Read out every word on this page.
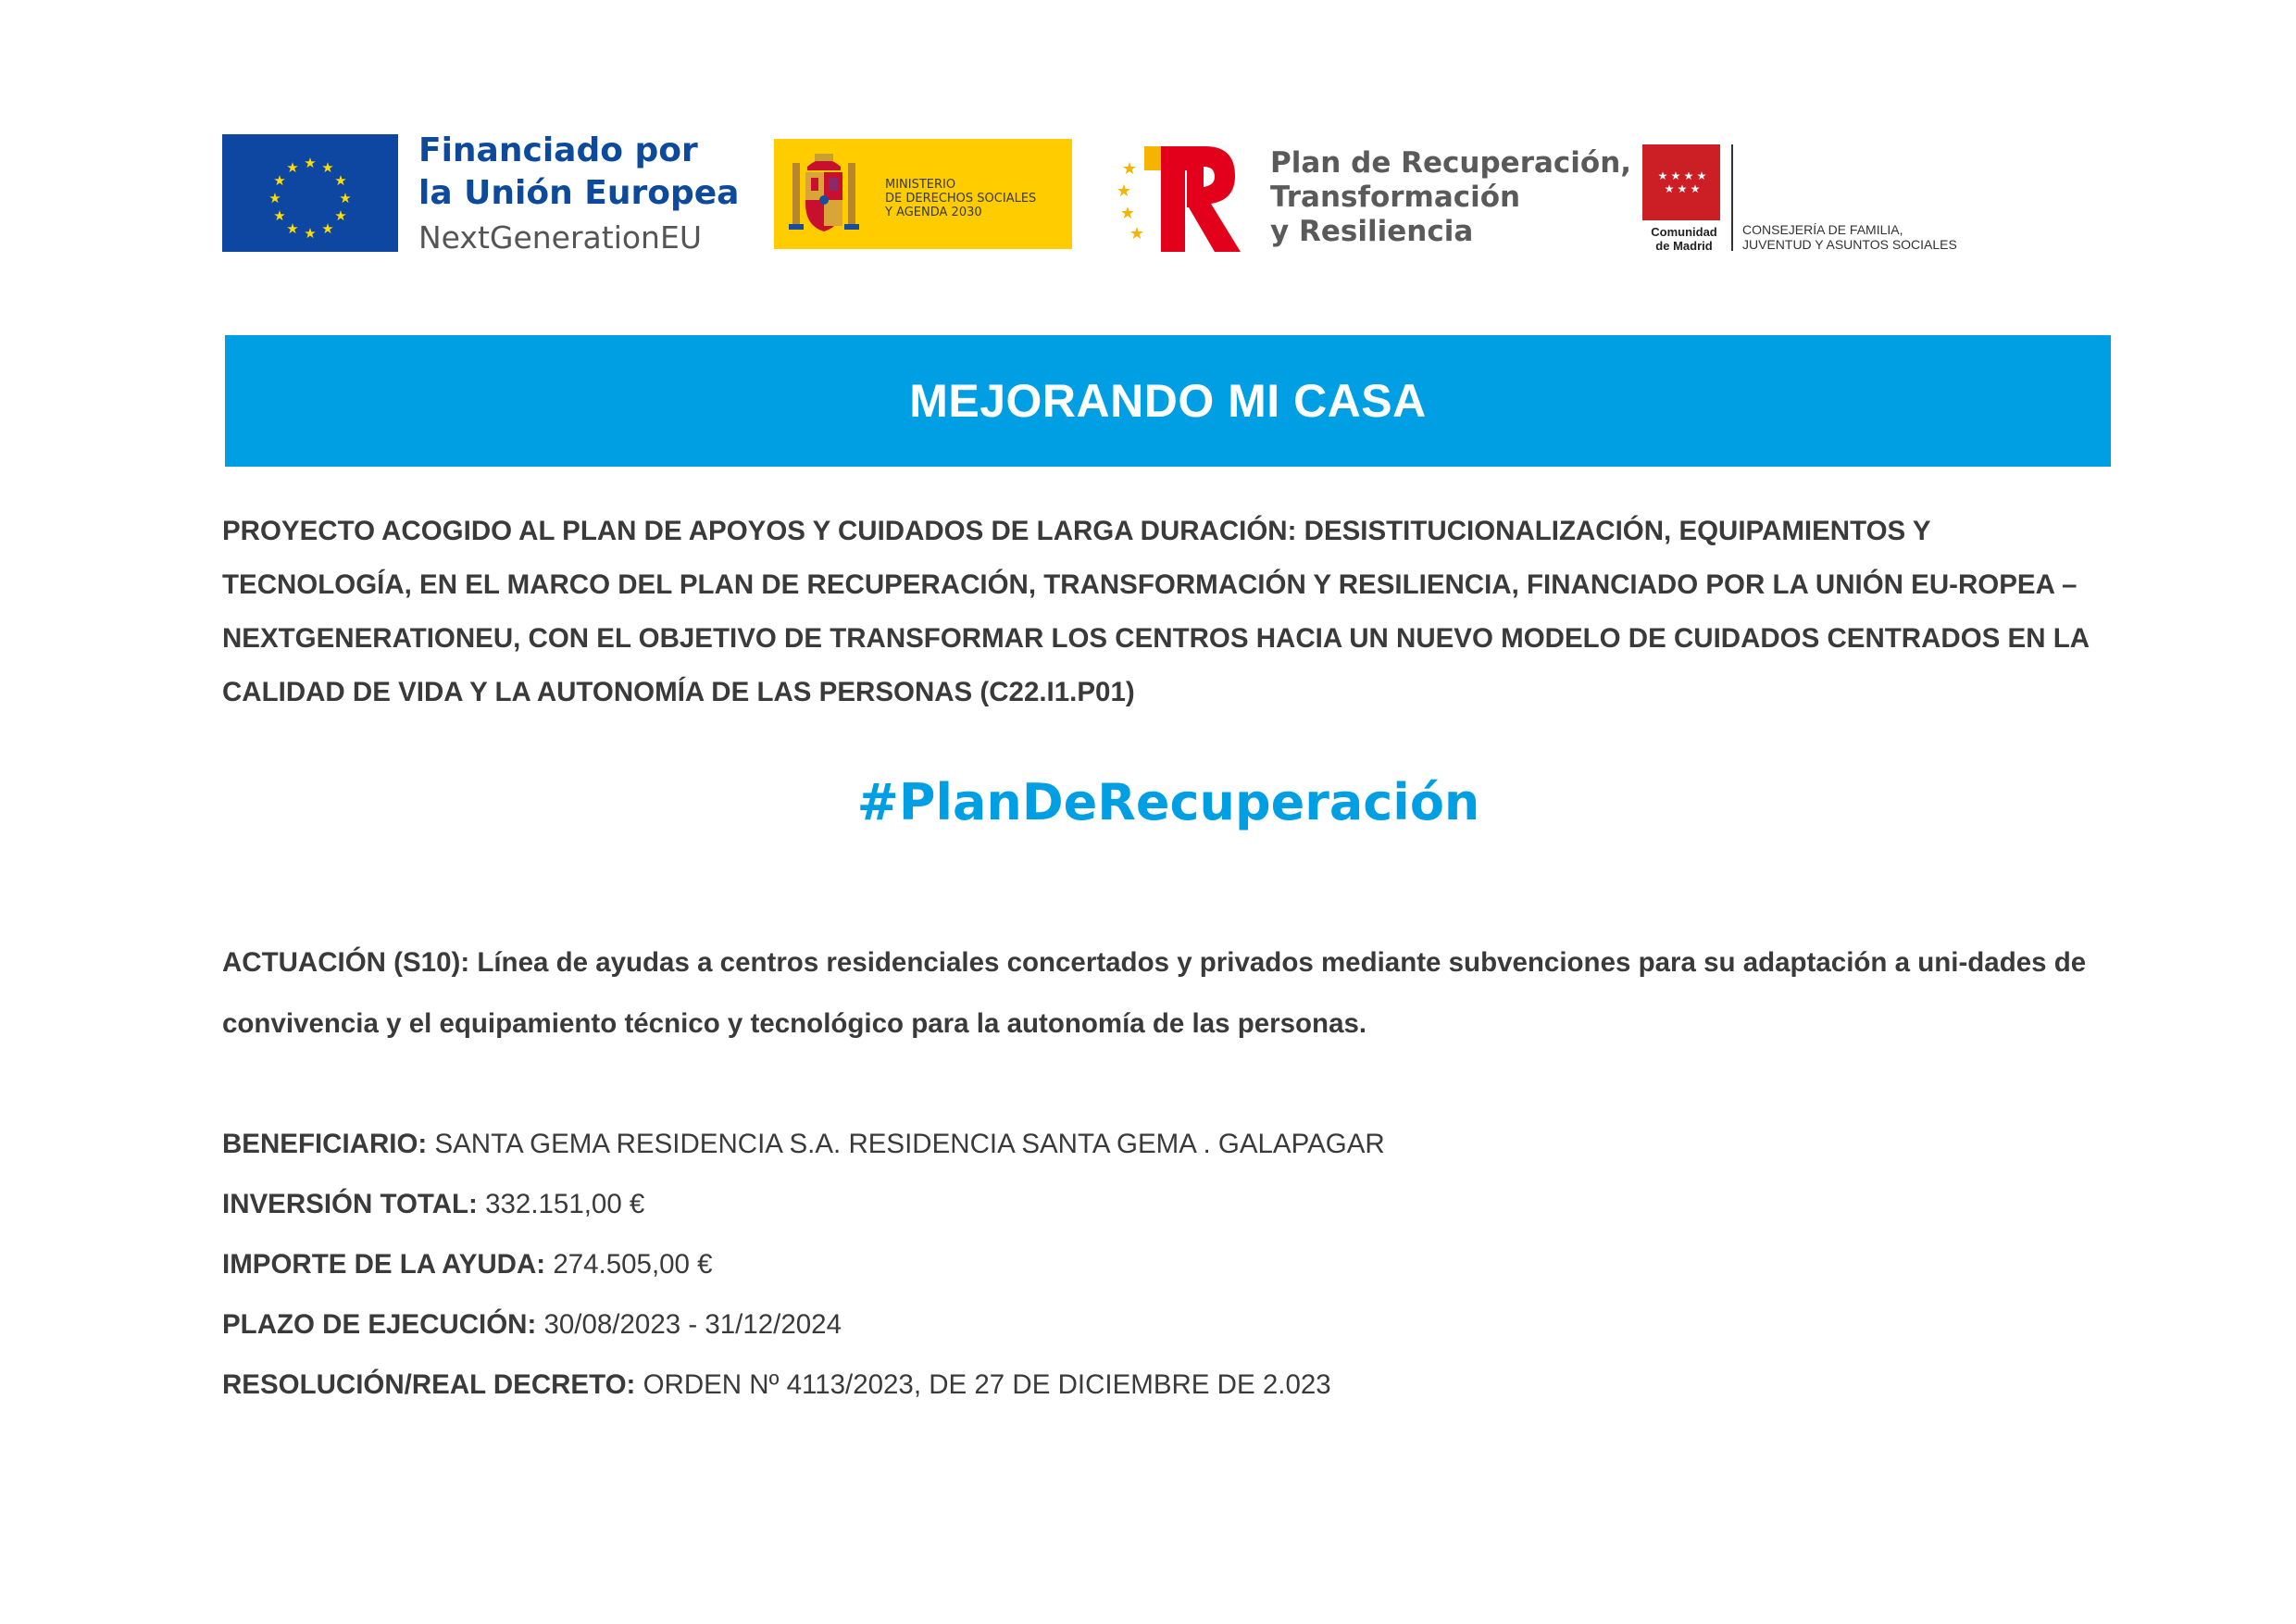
★ ★
★
★
★
★
★
★
★
★
★
★	Financiado por
la Unión Europea
NextGenerationEU
MINISTERIO
DE DERECHOS SOCIALES
Y AGENDA 2030
★
★
★
★
Plan de Recuperación,
Transformación
y Resiliencia
★ ★ ★ ★
★ ★ ★
Comunidad
de Madrid
CONSEJERÍA DE FAMILIA,
JUVENTUD Y ASUNTOS SOCIALES
MEJORANDO MI CASA
PROYECTO ACOGIDO AL PLAN DE APOYOS Y CUIDADOS DE LARGA DURACIÓN: DESISTITUCIONALIZACIÓN, EQUIPAMIENTOS Y TECNOLOGÍA, EN EL MARCO DEL PLAN DE RECUPERACIÓN, TRANSFORMACIÓN Y RESILIENCIA, FINANCIADO POR LA UNIÓN EU-ROPEA – NEXTGENERATIONEU, CON EL OBJETIVO DE TRANSFORMAR LOS CENTROS HACIA UN NUEVO MODELO DE CUIDADOS CENTRADOS EN LA CALIDAD DE VIDA Y LA AUTONOMÍA DE LAS PERSONAS (C22.I1.P01)
#PlanDeRecuperación
ACTUACIÓN (S10): Línea de ayudas a centros residenciales concertados y privados mediante subvenciones para su adaptación a uni-dades de convivencia y el equipamiento técnico y tecnológico para la autonomía de las personas.
BENEFICIARIO: SANTA GEMA RESIDENCIA S.A. RESIDENCIA SANTA GEMA . GALAPAGAR
INVERSIÓN TOTAL: 332.151,00 €
IMPORTE DE LA AYUDA: 274.505,00 €
PLAZO DE EJECUCIÓN: 30/08/2023 - 31/12/2024
RESOLUCIÓN/REAL DECRETO: ORDEN Nº 4113/2023, DE 27 DE DICIEMBRE DE 2.023
